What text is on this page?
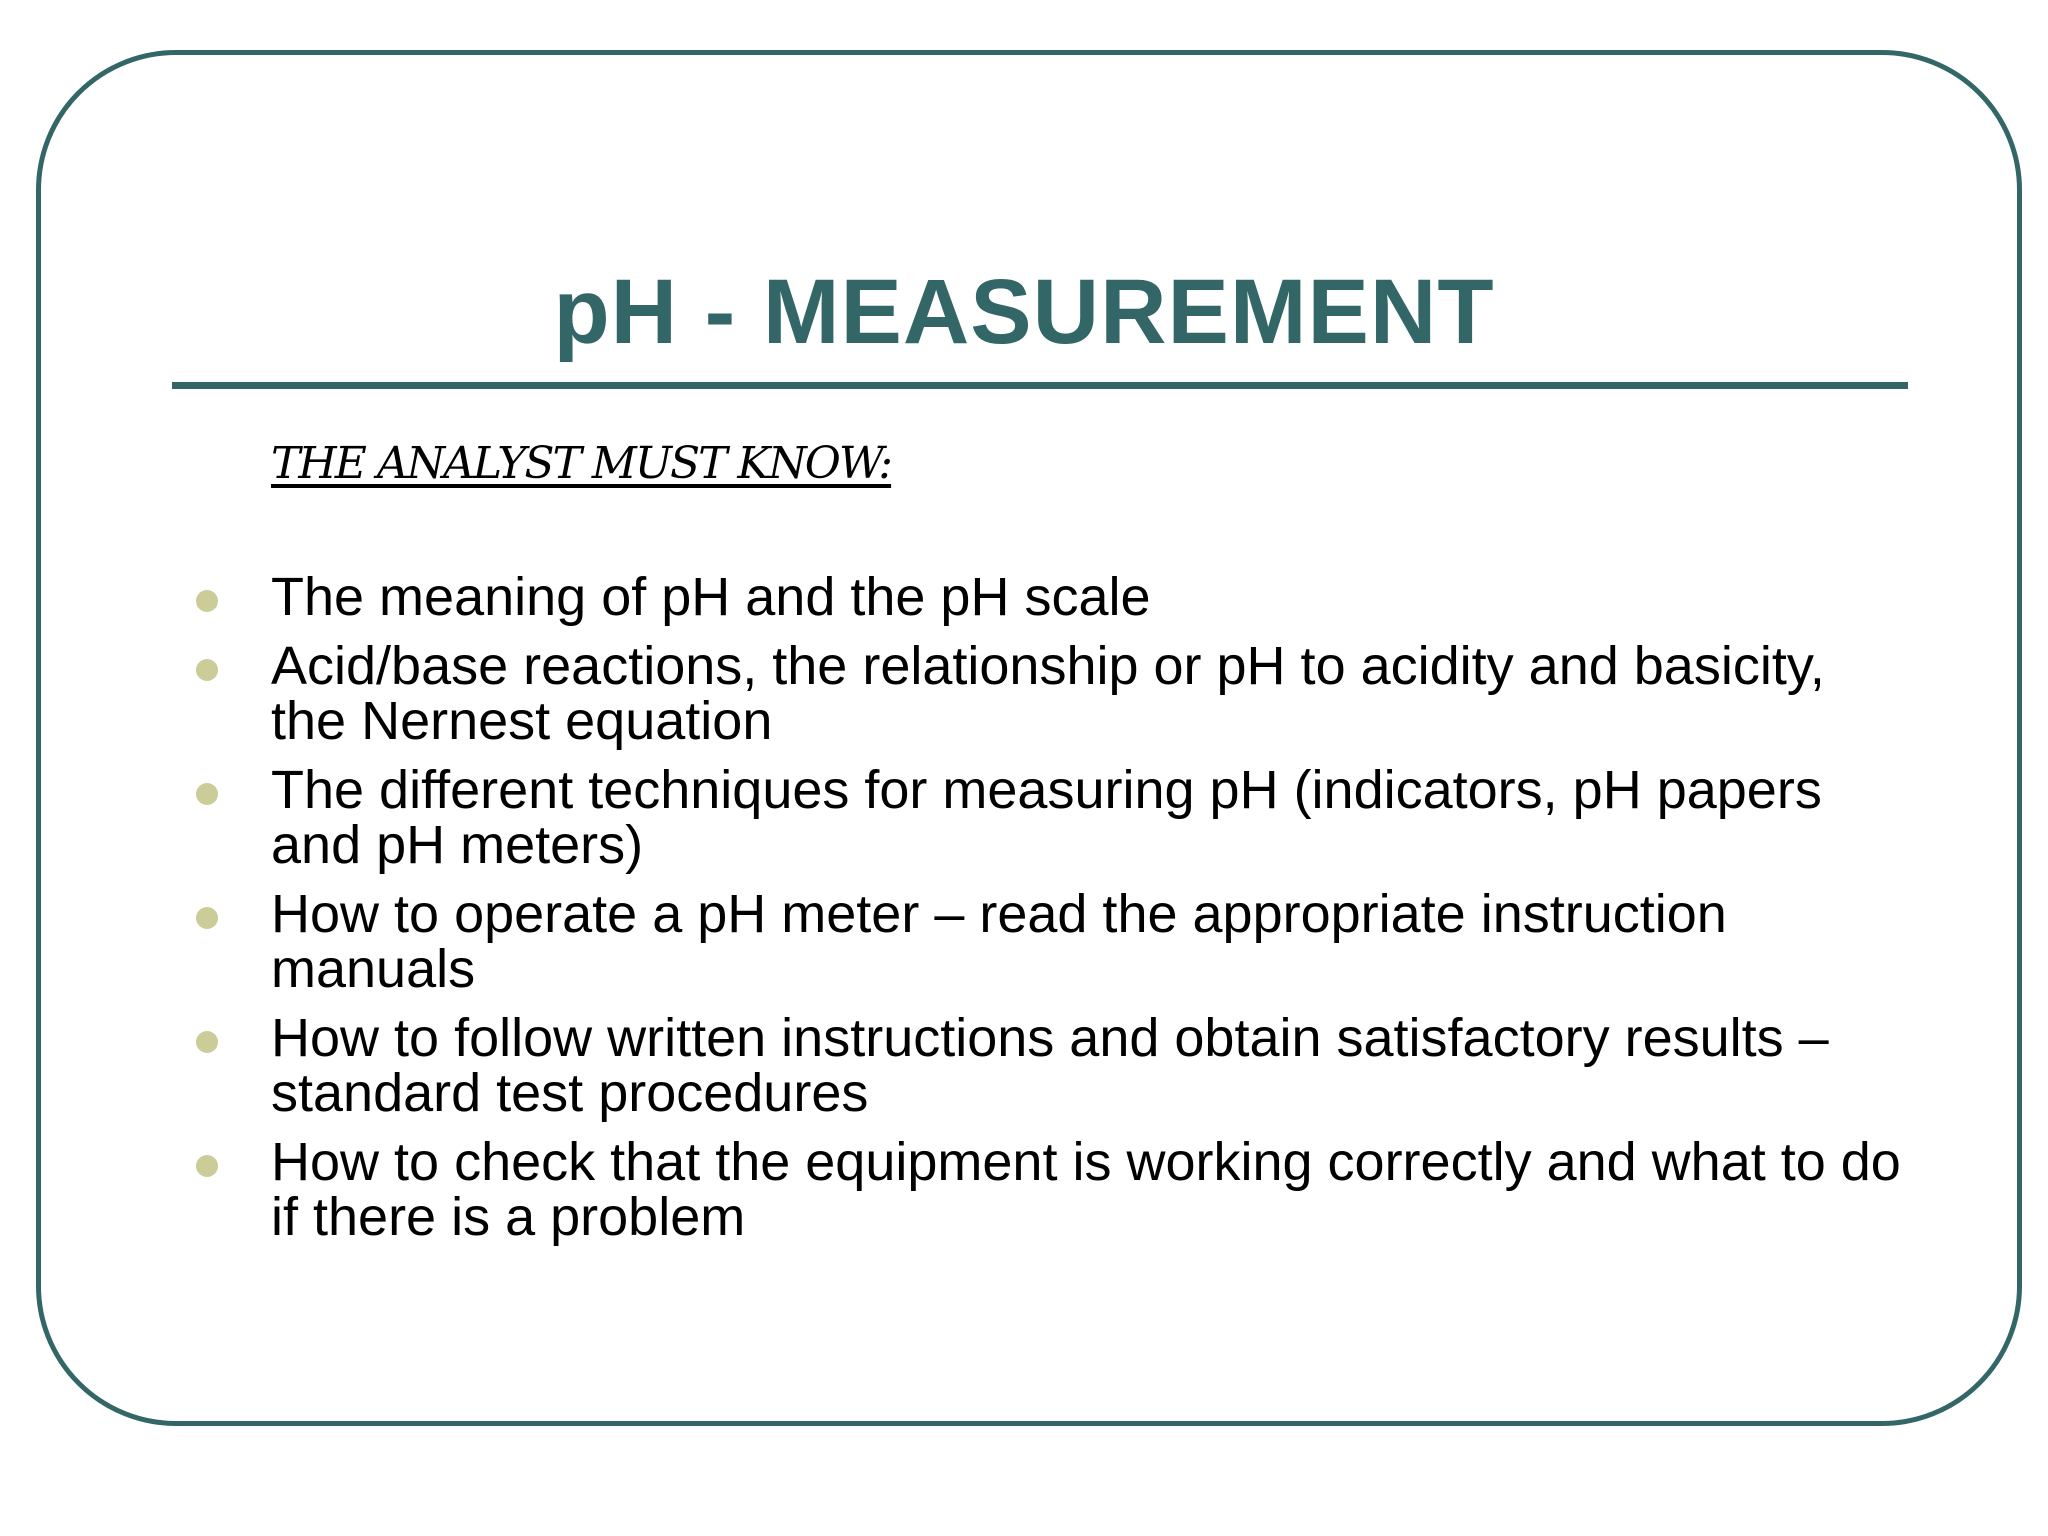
pH - MEASUREMENT
THE ANALYST MUST KNOW:
The meaning of pH and the pH scale
Acid/base reactions, the relationship or pH to acidity and basicity, the Nernest equation
The different techniques for measuring pH (indicators, pH papers and pH meters)
How to operate a pH meter – read the appropriate instruction manuals
How to follow written instructions and obtain satisfactory results – standard test procedures
How to check that the equipment is working correctly and what to do if there is a problem
